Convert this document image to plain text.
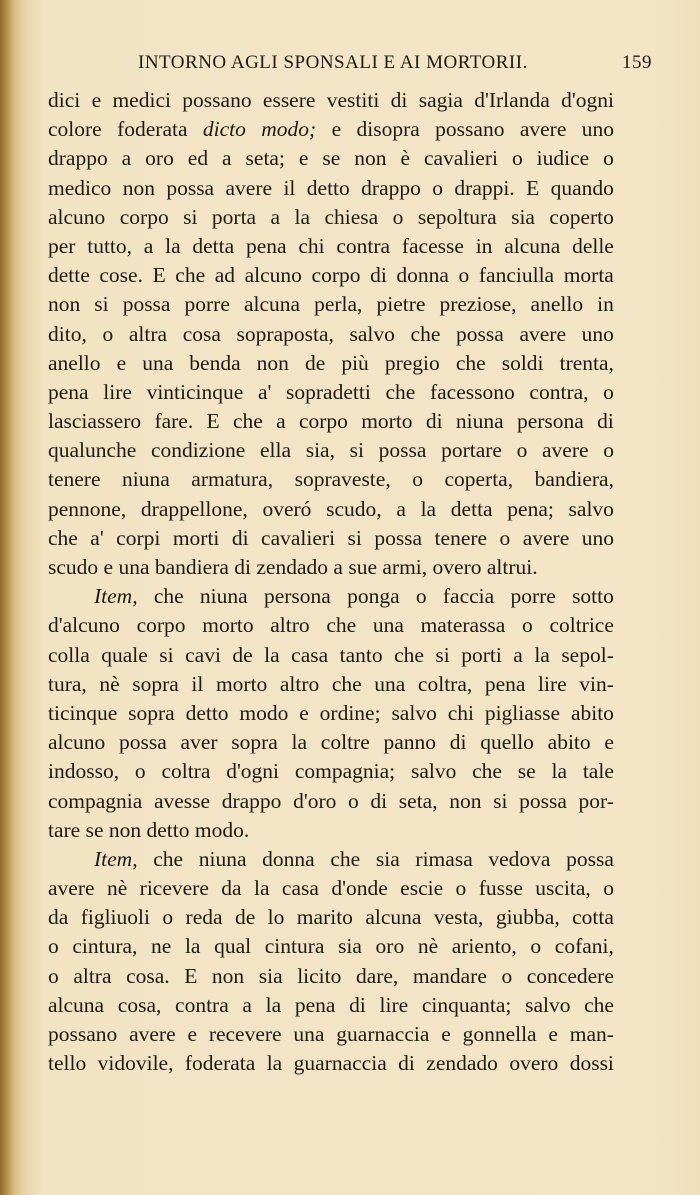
INTORNO AGLI SPONSALI E AI MORTORII.	159
dici e medici possano essere vestiti di sagia d'Irlanda d'ogni
colore foderata dicto modo; e disopra possano avere uno
drappo a oro ed a seta; e se non è cavalieri o iudice o
medico non possa avere il detto drappo o drappi. E quando
alcuno corpo si porta a la chiesa o sepoltura sia coperto
per tutto, a la detta pena chi contra facesse in alcuna delle
dette cose. E che ad alcuno corpo di donna o fanciulla morta
non si possa porre alcuna perla, pietre preziose, anello in
dito, o altra cosa sopraposta, salvo che possa avere uno
anello e una benda non de più pregio che soldi trenta,
pena lire vinticinque a' sopradetti che facessono contra, o
lasciassero fare. E che a corpo morto di niuna persona di
qualunche condizione ella sia, si possa portare o avere o
tenere niuna armatura, sopraveste, o coperta, bandiera,
pennone, drappellone, overó scudo, a la detta pena; salvo
che a' corpi morti di cavalieri si possa tenere o avere uno
scudo e una bandiera di zendado a sue armi, overo altrui.
Item, che niuna persona ponga o faccia porre sotto
d'alcuno corpo morto altro che una materassa o coltrice
colla quale si cavi de la casa tanto che si porti a la sepol-
tura, nè sopra il morto altro che una coltra, pena lire vin-
ticinque sopra detto modo e ordine; salvo chi pigliasse abito
alcuno possa aver sopra la coltre panno di quello abito e
indosso, o coltra d'ogni compagnia; salvo che se la tale
compagnia avesse drappo d'oro o di seta, non si possa por-
tare se non detto modo.
Item, che niuna donna che sia rimasa vedova possa
avere nè ricevere da la casa d'onde escie o fusse uscita, o
da figliuoli o reda de lo marito alcuna vesta, giubba, cotta
o cintura, ne la qual cintura sia oro nè ariento, o cofani,
o altra cosa. E non sia licito dare, mandare o concedere
alcuna cosa, contra a la pena di lire cinquanta; salvo che
possano avere e recevere una guarnaccia e gonnella e man-
tello vidovile, foderata la guarnaccia di zendado overo dossi
